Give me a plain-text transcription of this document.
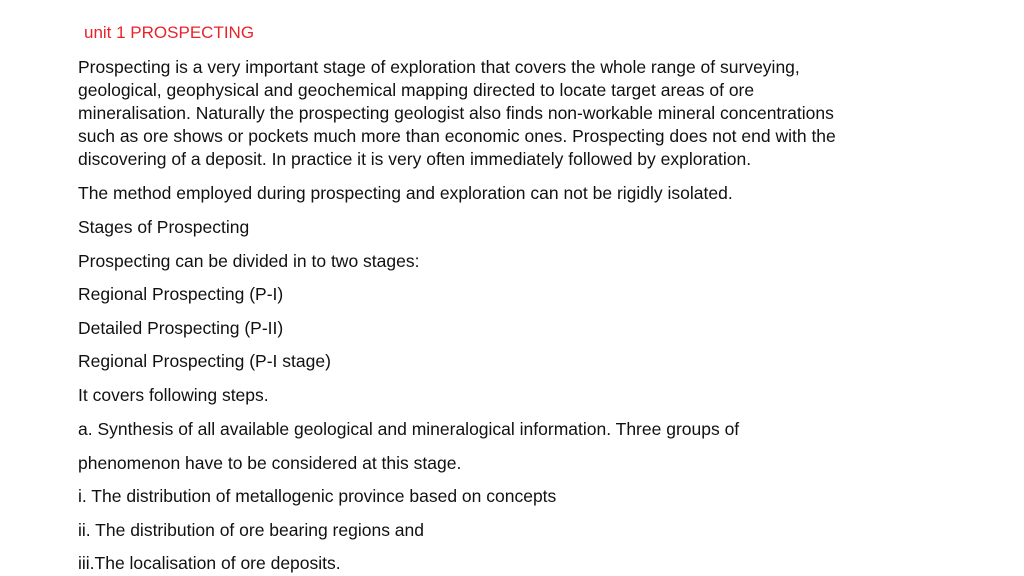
unit 1 PROSPECTING
Prospecting is a very important stage of exploration that covers the whole range of surveying,
geological, geophysical and geochemical mapping directed to locate target areas of ore
mineralisation. Naturally the prospecting geologist also finds non-workable mineral concentrations
such as ore shows or pockets much more than economic ones. Prospecting does not end with the
discovering of a deposit. In practice it is very often immediately followed by exploration.
The method employed during prospecting and exploration can not be rigidly isolated.
Stages of Prospecting
Prospecting can be divided in to two stages:
Regional Prospecting (P-I)
Detailed Prospecting (P-II)
Regional Prospecting (P-I stage)
It covers following steps.
a. Synthesis of all available geological and mineralogical information. Three groups of
phenomenon have to be considered at this stage.
i. The distribution of metallogenic province based on concepts
ii. The distribution of ore bearing regions and
iii.The localisation of ore deposits.
